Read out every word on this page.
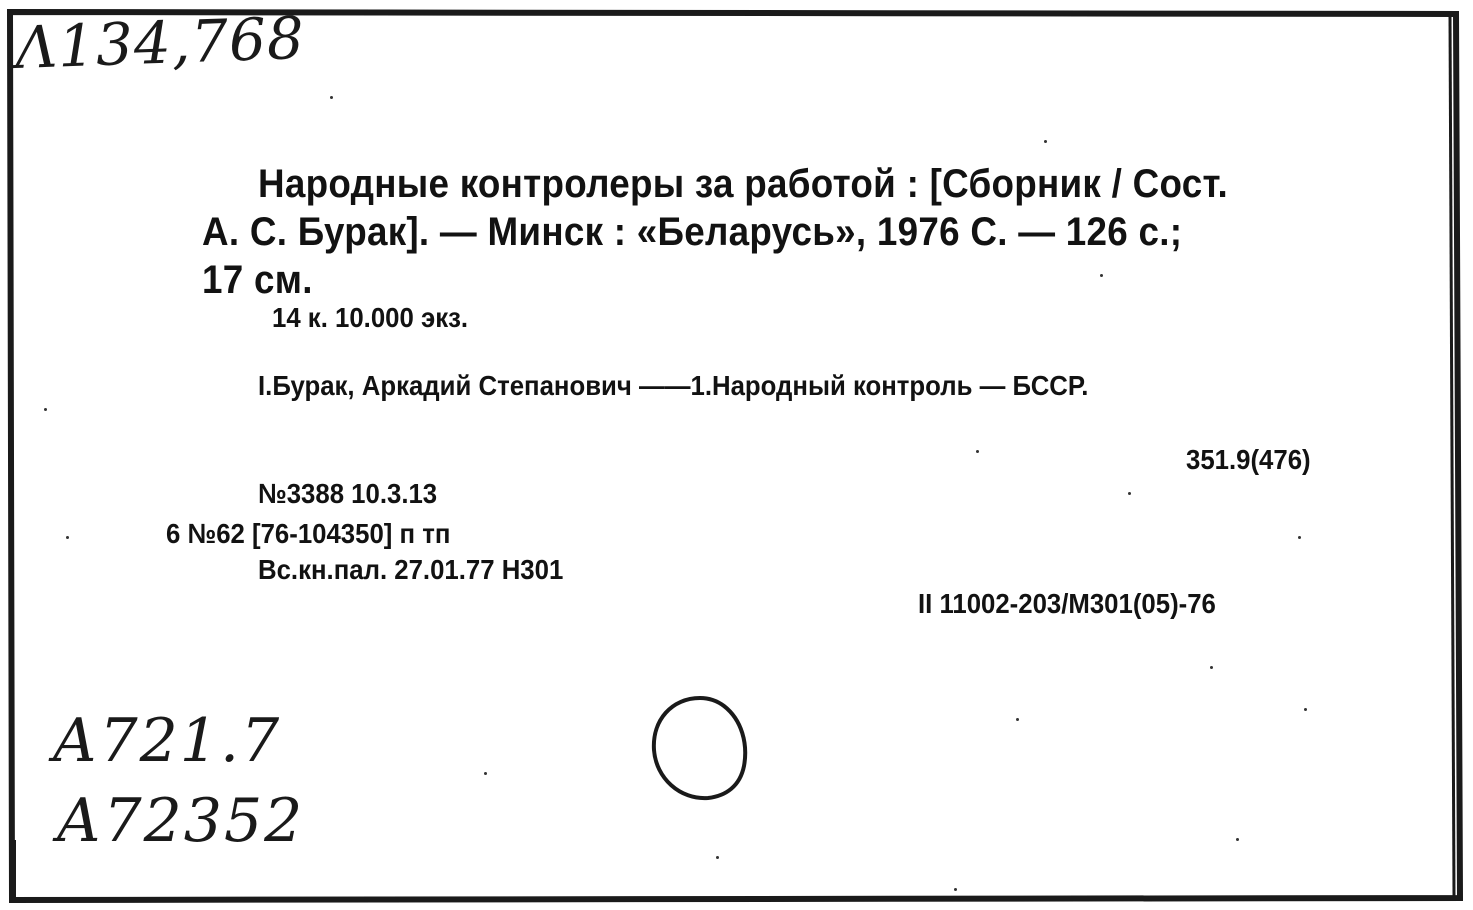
Λ134,768
Народные контролеры за работой : [Сборник / Сост.
А. С. Бурак]. — Минск : «Беларусь», 1976 С. — 126 с.;
17 см.
14 к. 10.000 экз.
I.Бурак, Аркадий Степанович ——1.Народный контроль — БССР.
351.9(476)
№3388 10.3.13
6 №62 [76-104350] п тп
Вс.кн.пал. 27.01.77 Н301
II 11002-203/М301(05)-76
А721.7
А72352
